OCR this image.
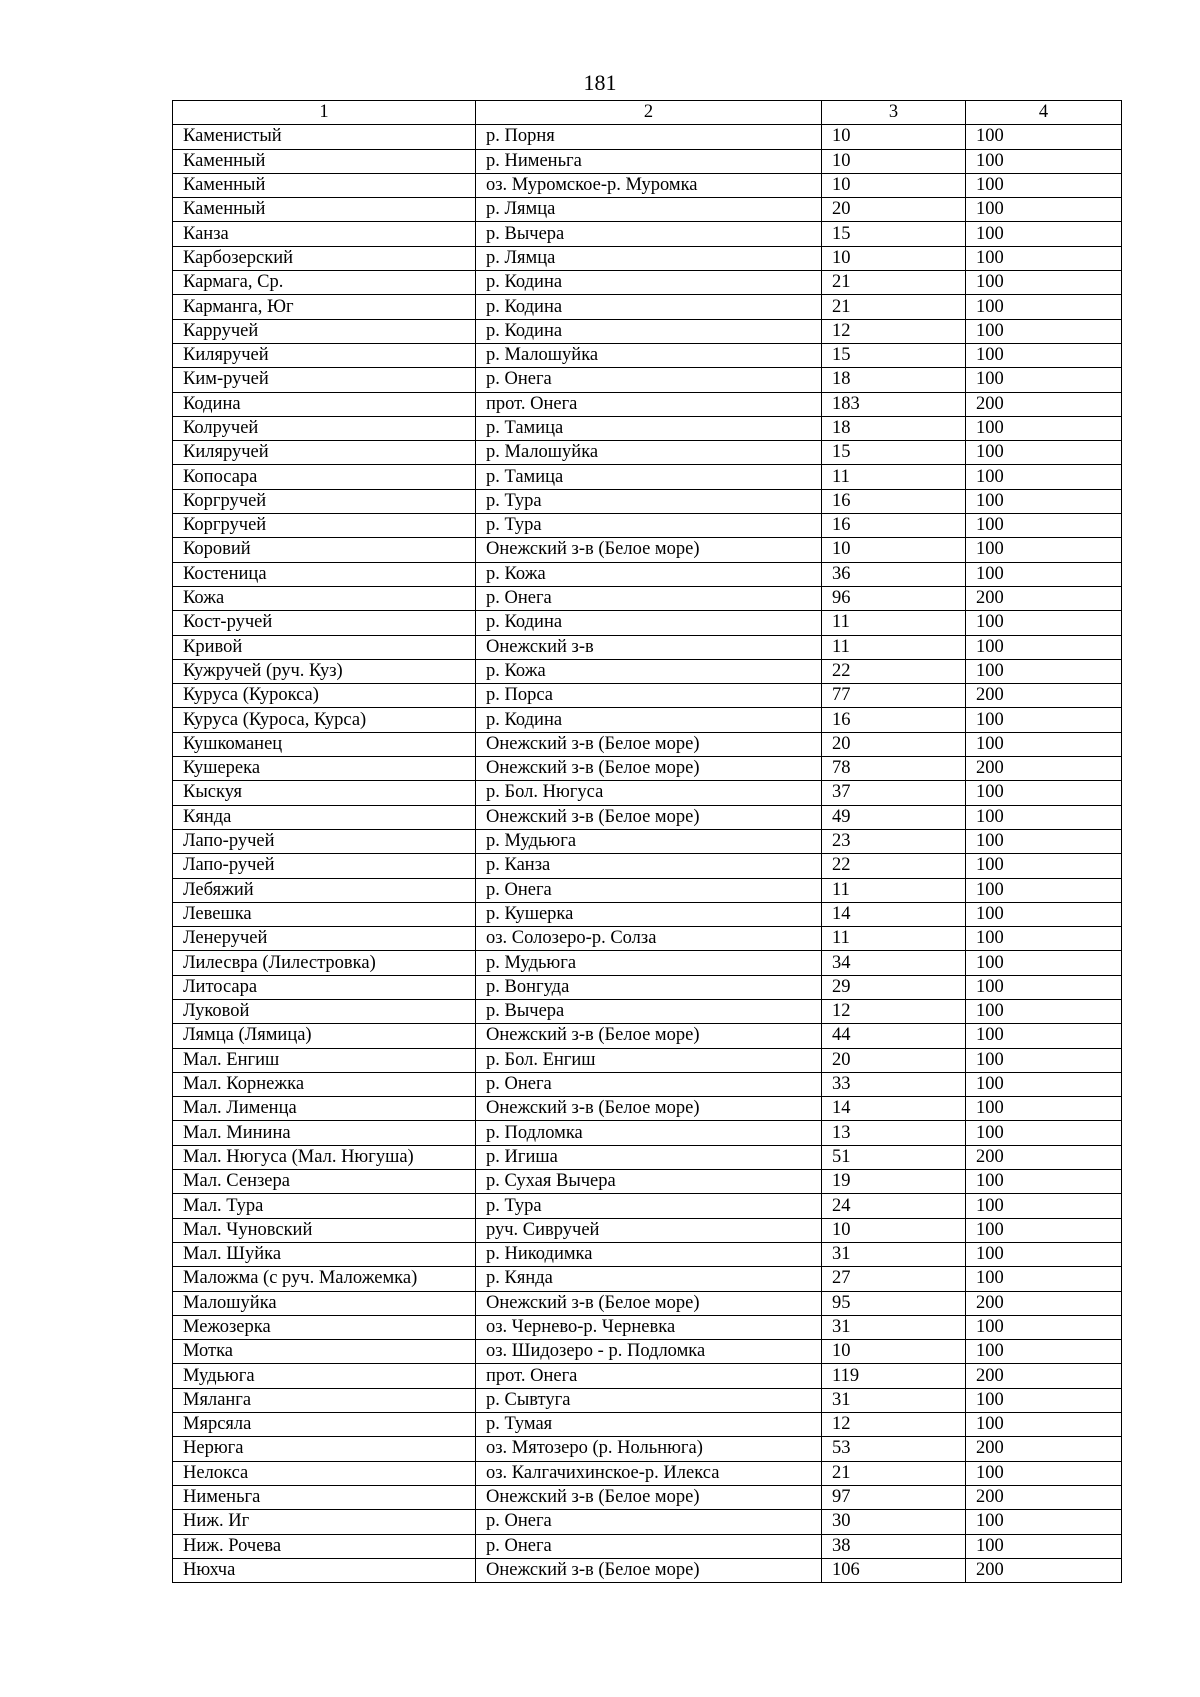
181
1	2	3	4
Каменистый	р. Порня	10	100
Каменный	р. Нименьга	10	100
Каменный	оз. Муромское-р. Муромка	10	100
Каменный	р. Лямца	20	100
Канза	р. Вычера	15	100
Карбозерский	р. Лямца	10	100
Кармага, Ср.	р. Кодина	21	100
Карманга, Юг	р. Кодина	21	100
Карручей	р. Кодина	12	100
Киляручей	р. Малошуйка	15	100
Ким-ручей	р. Онега	18	100
Кодина	прот. Онега	183	200
Колручей	р. Тамица	18	100
Киляручей	р. Малошуйка	15	100
Копосара	р. Тамица	11	100
Коргручей	р. Тура	16	100
Коргручей	р. Тура	16	100
Коровий	Онежский з-в (Белое море)	10	100
Костеница	р. Кожа	36	100
Кожа	р. Онега	96	200
Кост-ручей	р. Кодина	11	100
Кривой	Онежский з-в	11	100
Кужручей (руч. Куз)	р. Кожа	22	100
Куруса (Курокса)	р. Порса	77	200
Куруса (Куроса, Курса)	р. Кодина	16	100
Кушкоманец	Онежский з-в (Белое море)	20	100
Кушерека	Онежский з-в (Белое море)	78	200
Кыскуя	р. Бол. Нюгуса	37	100
Кянда	Онежский з-в (Белое море)	49	100
Лапо-ручей	р. Мудьюга	23	100
Лапо-ручей	р. Канза	22	100
Лебяжий	р. Онега	11	100
Левешка	р. Кушерка	14	100
Ленеручей	оз. Солозеро-р. Солза	11	100
Лилесвра (Лилестровка)	р. Мудьюга	34	100
Литосара	р. Вонгуда	29	100
Луковой	р. Вычера	12	100
Лямца (Лямица)	Онежский з-в (Белое море)	44	100
Мал. Енгиш	р. Бол. Енгиш	20	100
Мал. Корнежка	р. Онега	33	100
Мал. Лименца	Онежский з-в (Белое море)	14	100
Мал. Минина	р. Подломка	13	100
Мал. Нюгуса (Мал. Нюгуша)	р. Игиша	51	200
Мал. Сензера	р. Сухая Вычера	19	100
Мал. Тура	р. Тура	24	100
Мал. Чуновский	руч. Сивручей	10	100
Мал. Шуйка	р. Никодимка	31	100
Маложма (с руч. Маложемка)	р. Кянда	27	100
Малошуйка	Онежский з-в (Белое море)	95	200
Межозерка	оз. Чернево-р. Черневка	31	100
Мотка	оз. Шидозеро - р. Подломка	10	100
Мудьюга	прот. Онега	119	200
Мяланга	р. Сывтуга	31	100
Мярсяла	р. Тумая	12	100
Нерюга	оз. Мятозеро (р. Нольнюга)	53	200
Нелокса	оз. Калгачихинское-р. Илекса	21	100
Нименьга	Онежский з-в (Белое море)	97	200
Ниж. Иг	р. Онега	30	100
Ниж. Рочева	р. Онега	38	100
Нюхча	Онежский з-в (Белое море)	106	200
